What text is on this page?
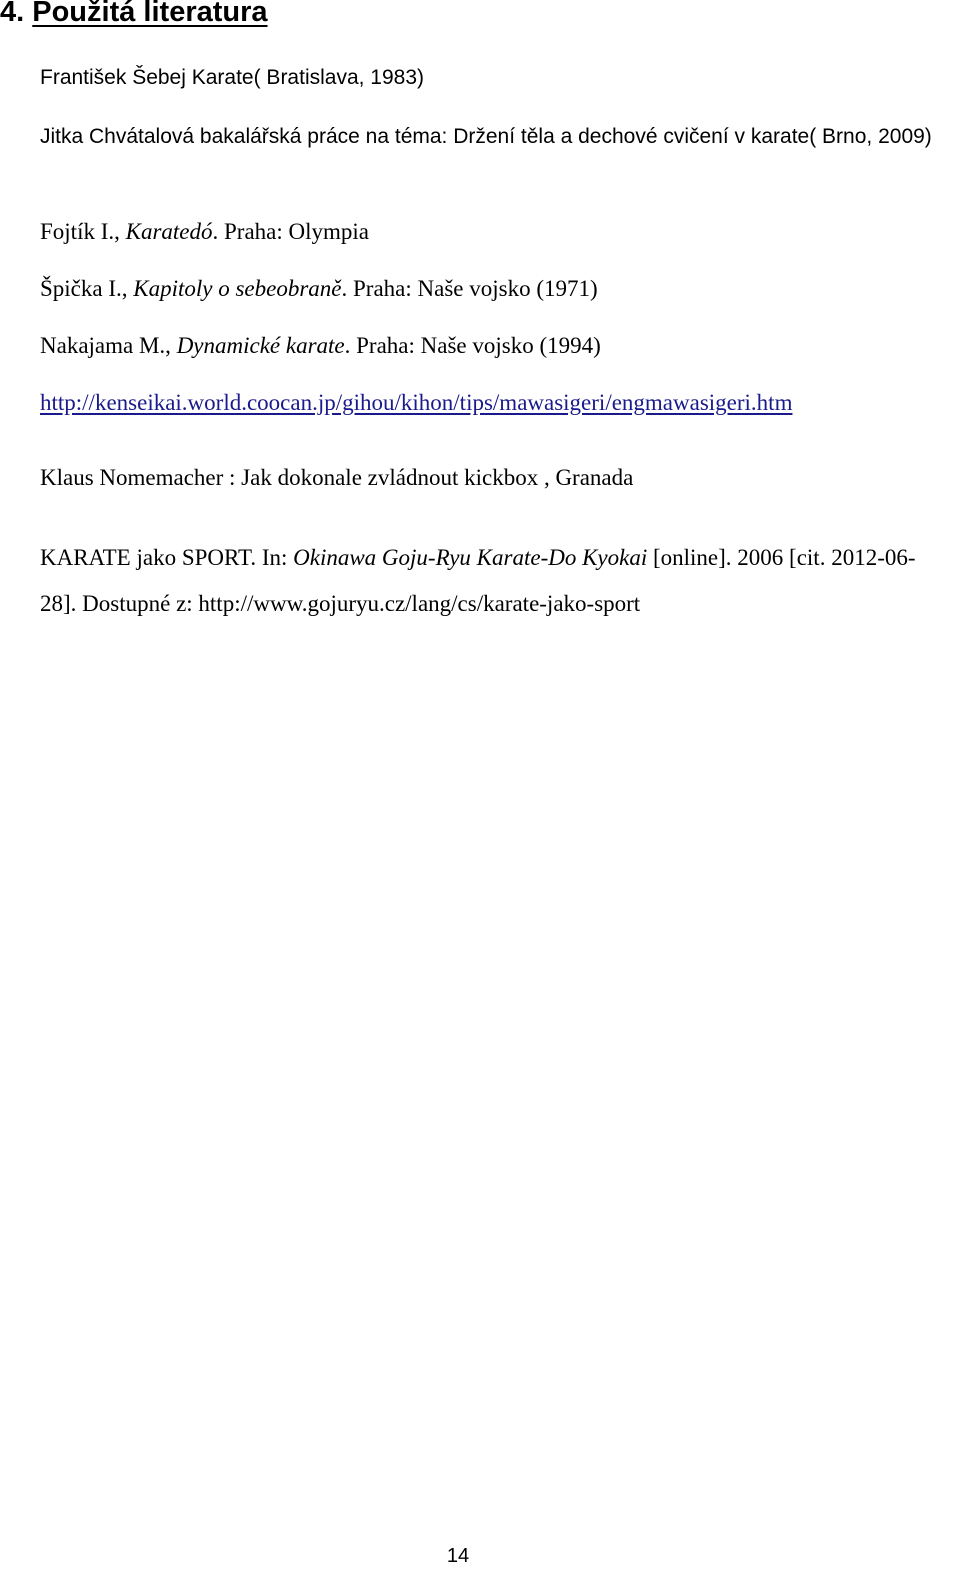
4. Použitá literatura
František Šebej Karate( Bratislava, 1983)
Jitka Chvátalová bakalářská práce na téma: Držení těla a dechové cvičení v karate( Brno, 2009)
Fojtík I., Karatedó. Praha: Olympia
Špička I., Kapitoly o sebeobraně. Praha: Naše vojsko (1971)
Nakajama M., Dynamické karate. Praha: Naše vojsko (1994)
http://kenseikai.world.coocan.jp/gihou/kihon/tips/mawasigeri/engmawasigeri.htm
Klaus Nomemacher : Jak dokonale zvládnout kickbox , Granada
KARATE jako SPORT. In: Okinawa Goju-Ryu Karate-Do Kyokai [online]. 2006 [cit. 2012-06-28]. Dostupné z: http://www.gojuryu.cz/lang/cs/karate-jako-sport
14
